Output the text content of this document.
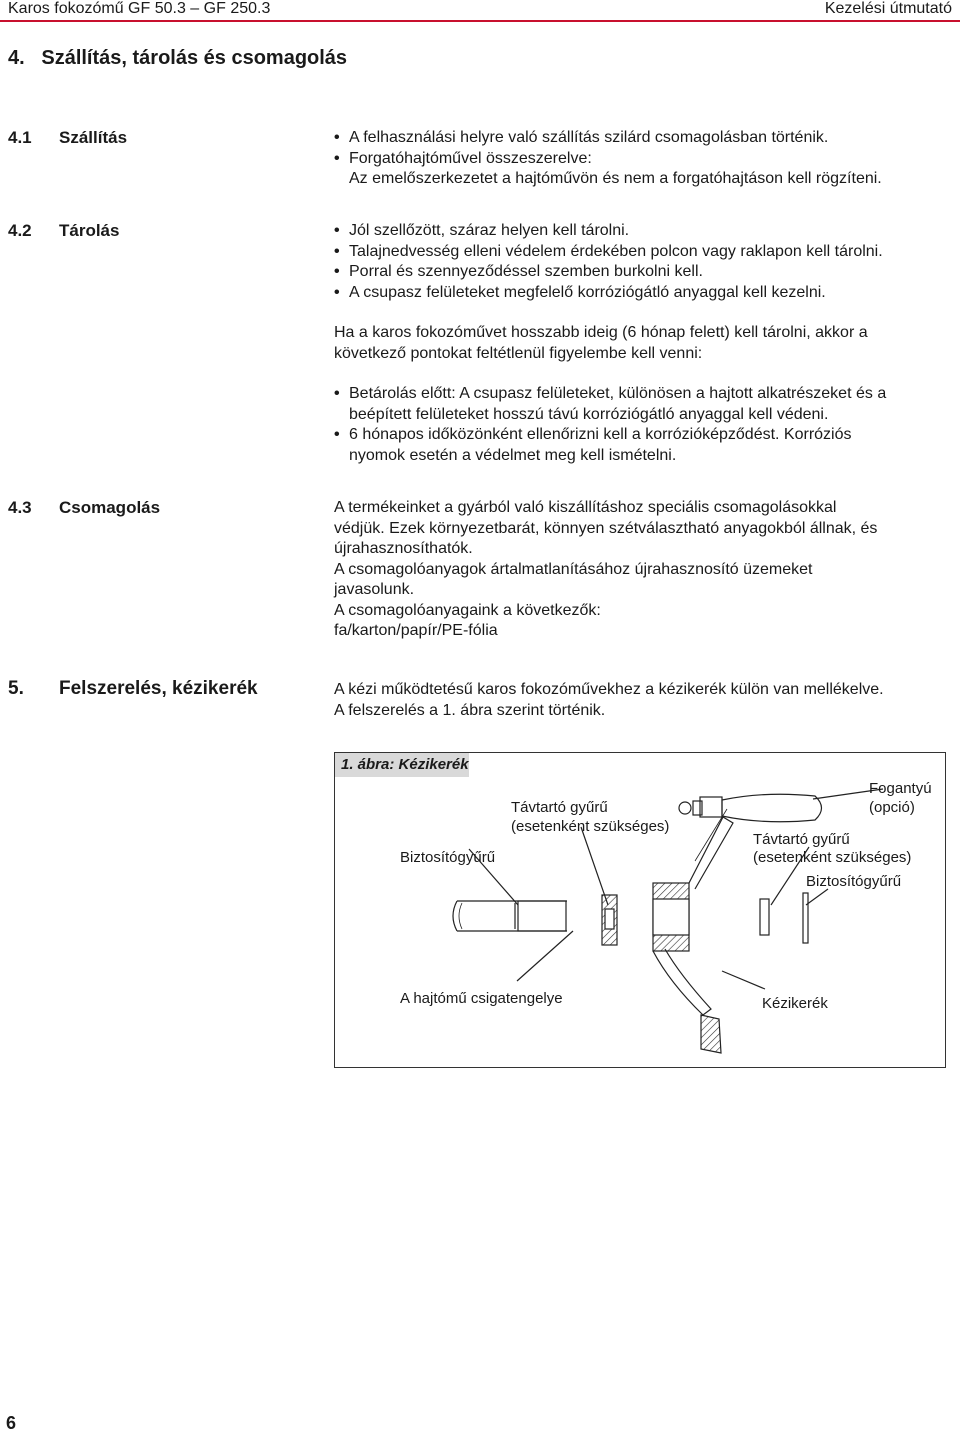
Karos fokozómű GF 50.3 – GF 250.3	Kezelési útmutató
4.   Szállítás, tárolás és csomagolás
4.1 Szállítás	• A felhasználási helyre való szállítás szilárd csomagolásban történik.
• Forgatóhajtóművel összeszerelve:
Az emelőszerkezetet a hajtóművön és nem a forgatóhajtáson kell rögzíteni.
4.2 Tárolás	• Jól szellőzött, száraz helyen kell tárolni.
• Talajnedvesség elleni védelem érdekében polcon vagy raklapon kell tárolni.
• Porral és szennyeződéssel szemben burkolni kell.
• A csupasz felületeket megfelelő korróziógátló anyaggal kell kezelni.
Ha a karos fokozóművet hosszabb ideig (6 hónap felett) kell tárolni, akkor a
következő pontokat feltétlenül figyelembe kell venni:
• Betárolás előtt: A csupasz felületeket, különösen a hajtott alkatrészeket és a
beépített felületeket hosszú távú korróziógátló anyaggal kell védeni.
• 6 hónapos időközönként ellenőrizni kell a korrózióképződést. Korróziós
nyomok esetén a védelmet meg kell ismételni.
4.3 Csomagolás	A termékeinket a gyárból való kiszállításhoz speciális csomagolásokkal
védjük. Ezek környezetbarát, könnyen szétválasztható anyagokból állnak, és
újrahasznosíthatók.
A csomagolóanyagok ártalmatlanításához újrahasznosító üzemeket
javasolunk.
A csomagolóanyagaink a következők:
fa/karton/papír/PE-fólia
5. Felszerelés, kézikerék	A kézi működtetésű karos fokozóművekhez a kézikerék külön van mellékelve.
A felszerelés a 1. ábra szerint történik.
1. ábra: Kézikerék
Fogantyú
(opció)
Távtartó gyűrű
(esetenként szükséges)
Távtartó gyűrű
(esetenként szükséges)
Biztosítógyűrű
Biztosítógyűrű
A hajtómű csigatengelye	Kézikerék
6
